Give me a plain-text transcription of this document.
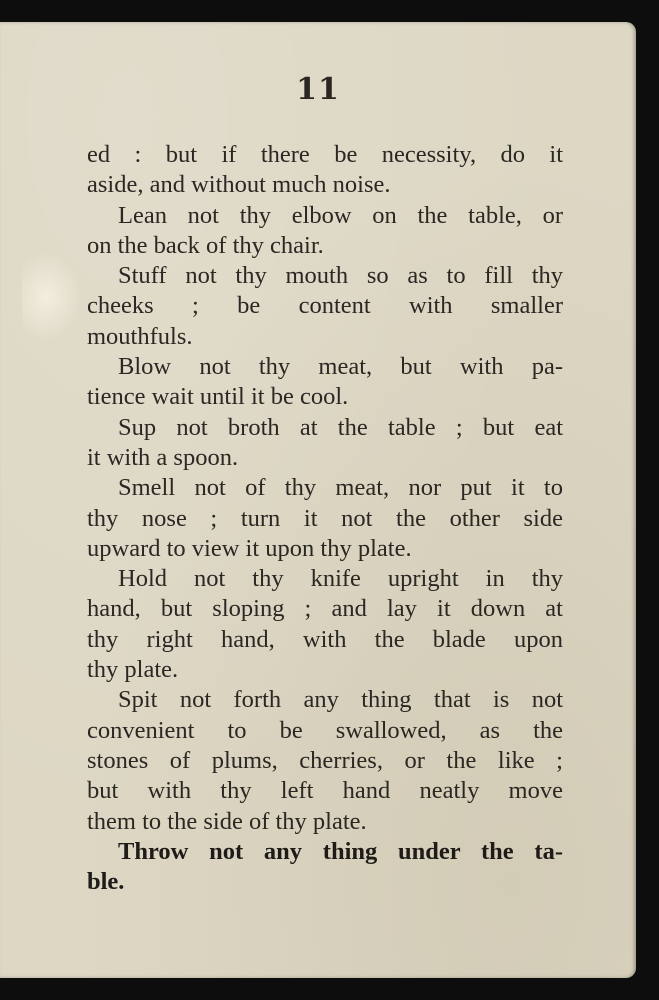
11
ed : but if there be necessity, do it
aside, and without much noise.
Lean not thy elbow on the table, or
on the back of thy chair.
Stuff not thy mouth so as to fill thy
cheeks ; be content with smaller
mouthfuls.
Blow not thy meat, but with pa-
tience wait until it be cool.
Sup not broth at the table ; but eat
it with a spoon.
Smell not of thy meat, nor put it to
thy nose ; turn it not the other side
upward to view it upon thy plate.
Hold not thy knife upright in thy
hand, but sloping ; and lay it down at
thy right hand, with the blade upon
thy plate.
Spit not forth any thing that is not
convenient to be swallowed, as the
stones of plums, cherries, or the like ;
but with thy left hand neatly move
them to the side of thy plate.
Throw not any thing under the ta-
ble.
